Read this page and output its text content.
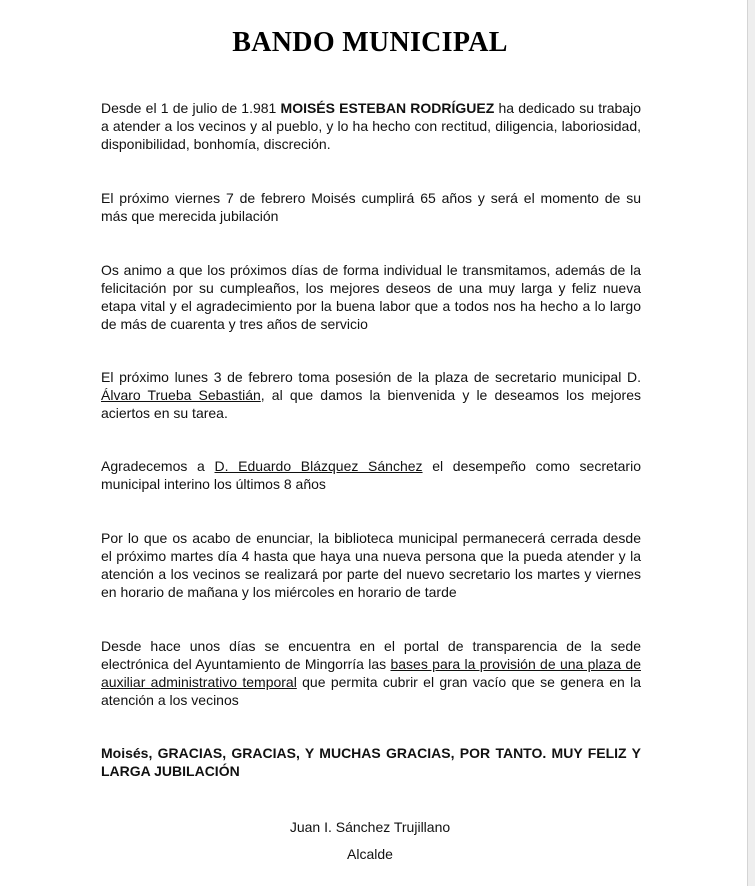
BANDO MUNICIPAL

Desde el 1 de julio de 1.981 MOISÉS ESTEBAN RODRÍGUEZ ha dedicado su trabajo a atender a los vecinos y al pueblo, y lo ha hecho con rectitud, diligencia, laboriosidad, disponibilidad, bonhomía, discreción.

El próximo viernes 7 de febrero Moisés cumplirá 65 años y será el momento de su más que merecida jubilación

Os animo a que los próximos días de forma individual le transmitamos, además de la felicitación por su cumpleaños, los mejores deseos de una muy larga y feliz nueva etapa vital y el agradecimiento por la buena labor que a todos nos ha hecho a lo largo de más de cuarenta y tres años de servicio

El próximo lunes 3 de febrero toma posesión de la plaza de secretario municipal D. Álvaro Trueba Sebastián, al que damos la bienvenida y le deseamos los mejores aciertos en su tarea.

Agradecemos a D. Eduardo Blázquez Sánchez el desempeño como secretario municipal interino los últimos 8 años

Por lo que os acabo de enunciar, la biblioteca municipal permanecerá cerrada desde el próximo martes día 4 hasta que haya una nueva persona que la pueda atender y la atención a los vecinos se realizará por parte del nuevo secretario los martes y viernes en horario de mañana y los miércoles en horario de tarde

Desde hace unos días se encuentra en el portal de transparencia de la sede electrónica del Ayuntamiento de Mingorría las bases para la provisión de una plaza de auxiliar administrativo temporal que permita cubrir el gran vacío que se genera en la atención a los vecinos

Moisés, GRACIAS, GRACIAS, Y MUCHAS GRACIAS, POR TANTO. MUY FELIZ Y LARGA JUBILACIÓN

Juan I. Sánchez Trujillano
Alcalde
